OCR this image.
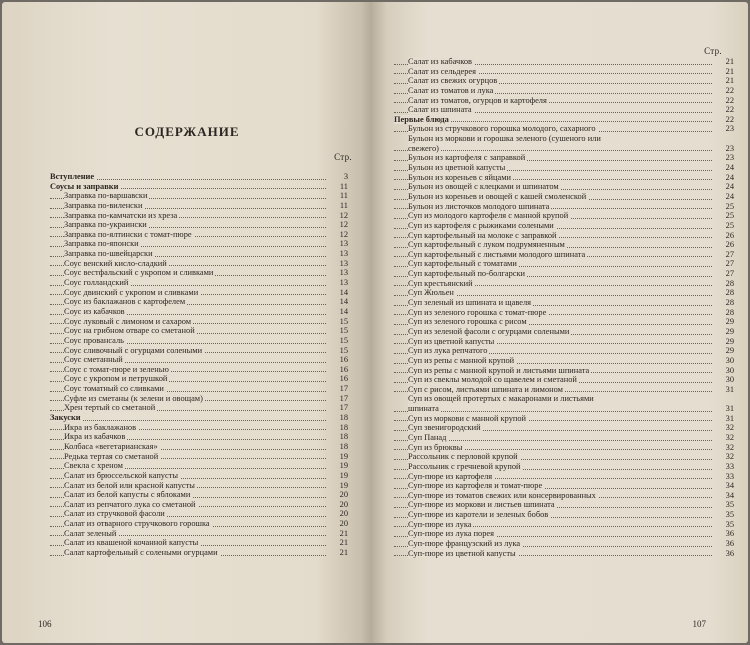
СОДЕРЖАНИЕ
Стр.
Вступление	3
Соусы и заправки	11
Заправка по-варшавски	11
Заправка по-виленски	11
Заправка по-камчатски из хреза	12
Заправка по-украински	12
Заправка по-ялтински с томат-пюре	12
Заправка по-японски	13
Заправка по-швейцарски	13
Соус венский кисло-сладкий	13
Соус вестфальский с укропом и сливками	13
Соус голландский	13
Соус двинский с укропом и сливками	14
Соус из баклажанов с картофелем	14
Соус из кабачков	14
Соус луковый с лимоном и сахаром	15
Соус на грибном отваре со сметаной	15
Соус провансаль	15
Соус сливочный с огурцами солеными	15
Соус сметанный	16
Соус с томат-пюре и зеленью	16
Соус с укропом и петрушкой	16
Соус томатный со сливками	17
Суфле из сметаны (к зелени и овощам)	17
Хрен тертый со сметаной	17
Закуски	18
Икра из баклажанов	18
Икра из кабачков	18
Колбаса «вегетарианская»	18
Редька тертая со сметаной	19
Свекла с хреном	19
Салат из брюссельской капусты	19
Салат из белой или красной капусты	19
Салат из белой капусты с яблоками	20
Салат из репчатого лука со сметаной	20
Салат из стручковой фасоли	20
Салат из отварного стручкового горошка	20
Салат зеленый	21
Салат из квашеной кочанной капусты	21
Салат картофельный с солеными огурцами	21
106
Стр.
Салат из кабачков	21
Салат из сельдерея	21
Салат из свежих огурцов	21
Салат из томатов и лука	22
Салат из томатов, огурцов и картофеля	22
Салат из шпината	22
Первые блюда	22
Бульон из стручкового горошка молодого, сахарного	23
Бульон из моркови и горошка зеленого (сушеного или
свежего)	23
Бульон из картофеля с заправкой	23
Бульон из цветной капусты	24
Бульон из кореньев с яйцами	24
Бульон из овощей с клецками и шпинатом	24
Бульон из кореньев и овощей с кашей смоленской	24
Бульон из листочков молодого шпината	25
Суп из молодого картофеля с манной крупой	25
Суп из картофеля с рыжиками солеными	25
Суп картофельный на молоке с заправкой	26
Суп картофельный с луком подрумяненным	26
Суп картофельный с листьями молодого шпината	27
Суп картофельный с томатами	27
Суп картофельный по-болгарски	27
Суп крестьянский	28
Суп Жюльен	28
Суп зеленый из шпината и щавеля	28
Суп из зеленого горошка с томат-пюре	28
Суп из зеленого горошка с рисом	29
Суп из зеленой фасоли с огурцами солеными	29
Суп из цветной капусты	29
Суп из лука репчатого	29
Суп из репы с манной крупой	30
Суп из репы с манной крупой и листьями шпината	30
Суп из свеклы молодой со щавелем и сметаной	30
Суп с рисом, листьями шпината и лимоном	31
Суп из овощей протертых с макаронами и листьями
шпината	31
Суп из моркови с манной крупой	31
Суп звенигородский	32
Суп Панад	32
Суп из брюквы	32
Рассольник с перловой крупой	32
Рассольник с гречневой крупой	33
Суп-пюре из картофеля	33
Суп-пюре из картофеля и томат-пюре	34
Суп-пюре из томатов свежих или консервированных	34
Суп-пюре из моркови и листьев шпината	35
Суп-пюре из каротели и зеленых бобов	35
Суп-пюре из лука	35
Суп-пюре из лука порея	36
Суп-пюре французский из лука	36
Суп-пюре из цветной капусты	36
107
